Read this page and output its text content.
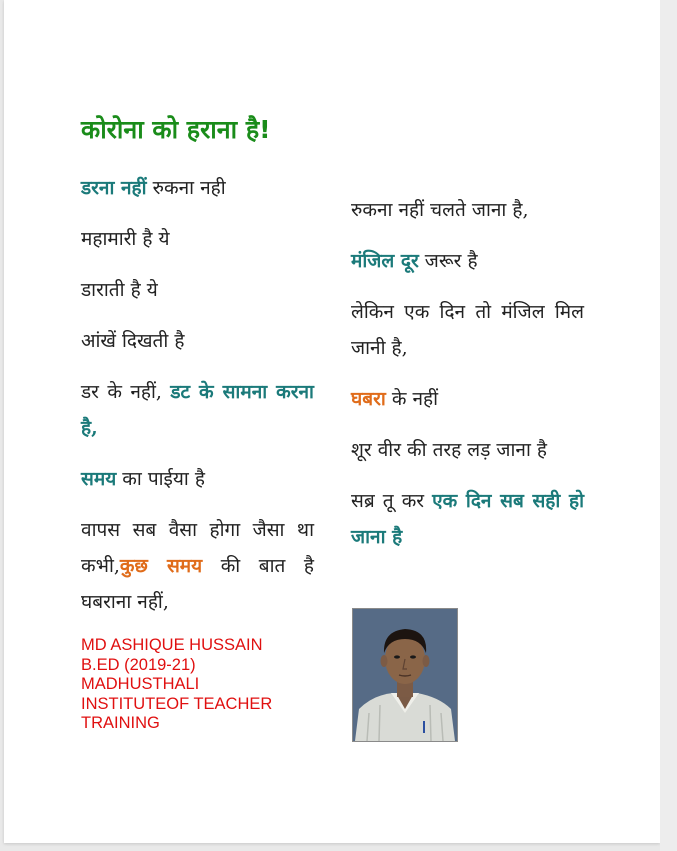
कोरोना को हराना है!

डरना नहीं रुकना नही

महामारी है ये

डाराती है ये

आंखें दिखती है

डर के नहीं, डट के सामना करना है,

समय का पाईया है

वापस सब वैसा होगा जैसा था कभी,कुछ समय की बात है घबराना नहीं,

रुकना नहीं चलते जाना है,

मंजिल दूर जरूर है

लेकिन एक दिन तो मंजिल मिल जानी है,

घबरा के नहीं

शूर वीर की तरह लड़ जाना है

सब्र तू कर एक दिन सब सही हो जाना है

MD ASHIQUE HUSSAIN
B.ED (2019-21)
MADHUSTHALI
INSTITUTEOF TEACHER
TRAINING
